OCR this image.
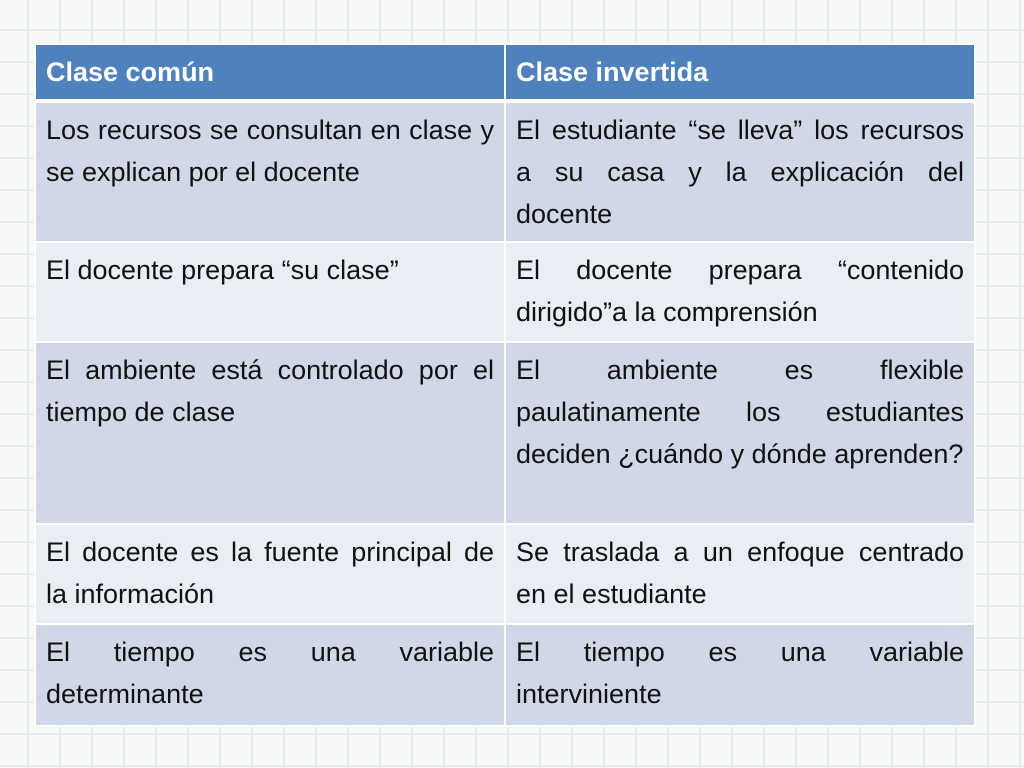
Clase común	Clase invertida
Los recursos se consultan en clase y se explican por el docente	El estudiante “se lleva” los recursos a su casa y la explicación del docente
El docente prepara “su clase”	El docente prepara “contenido dirigido”a la comprensión
El ambiente está controlado por el tiempo de clase	El ambiente es flexible paulatinamente los estudiantes deciden ¿cuándo y dónde aprenden?
El docente es la fuente principal de la información	Se traslada a un enfoque centrado en el estudiante
El tiempo es una variable determinante	El tiempo es una variable interviniente
